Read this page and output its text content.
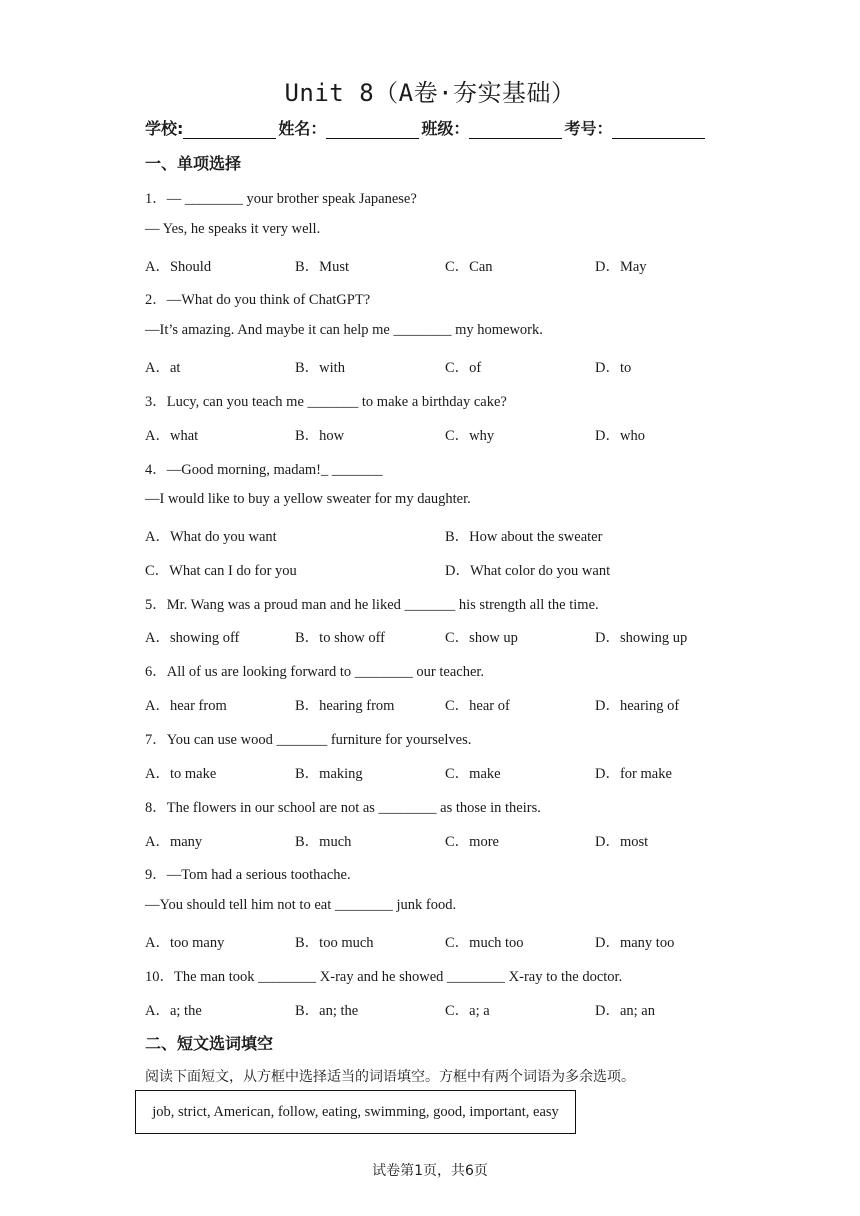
Unit 8（A卷·夯实基础）
学校:	姓名：	班级：	考号：
一、单项选择
1．— ________ your brother speak Japanese?
— Yes, he speaks it very well.
A．Should	B．Must	C．Can	D．May
2．—What do you think of ChatGPT?
—It’s amazing. And maybe it can help me ________ my homework.
A．at	B．with	C．of	D．to
3．Lucy, can you teach me _______ to make a birthday cake?
A．what	B．how	C．why	D．who
4．—Good morning, madam!_ _______
—I would like to buy a yellow sweater for my daughter.
A．What do you want	B．How about the sweater
C．What can I do for you	D．What color do you want
5．Mr. Wang was a proud man and he liked _______ his strength all the time.
A．showing off	B．to show off	C．show up	D．showing up
6．All of us are looking forward to ________ our teacher.
A．hear from	B．hearing from	C．hear of	D．hearing of
7．You can use wood _______ furniture for yourselves.
A．to make	B．making	C．make	D．for make
8．The flowers in our school are not as ________ as those in theirs.
A．many	B．much	C．more	D．most
9．—Tom had a serious toothache.
—You should tell him not to eat ________ junk food.
A．too many	B．too much	C．much too	D．many too
10．The man took ________ X-ray and he showed ________ X-ray to the doctor.
A．a; the	B．an; the	C．a; a	D．an; an
二、短文选词填空
阅读下面短文，从方框中选择适当的词语填空。方框中有两个词语为多余选项。
job, strict, American, follow, eating, swimming, good, important, easy
试卷第1页，共6页
